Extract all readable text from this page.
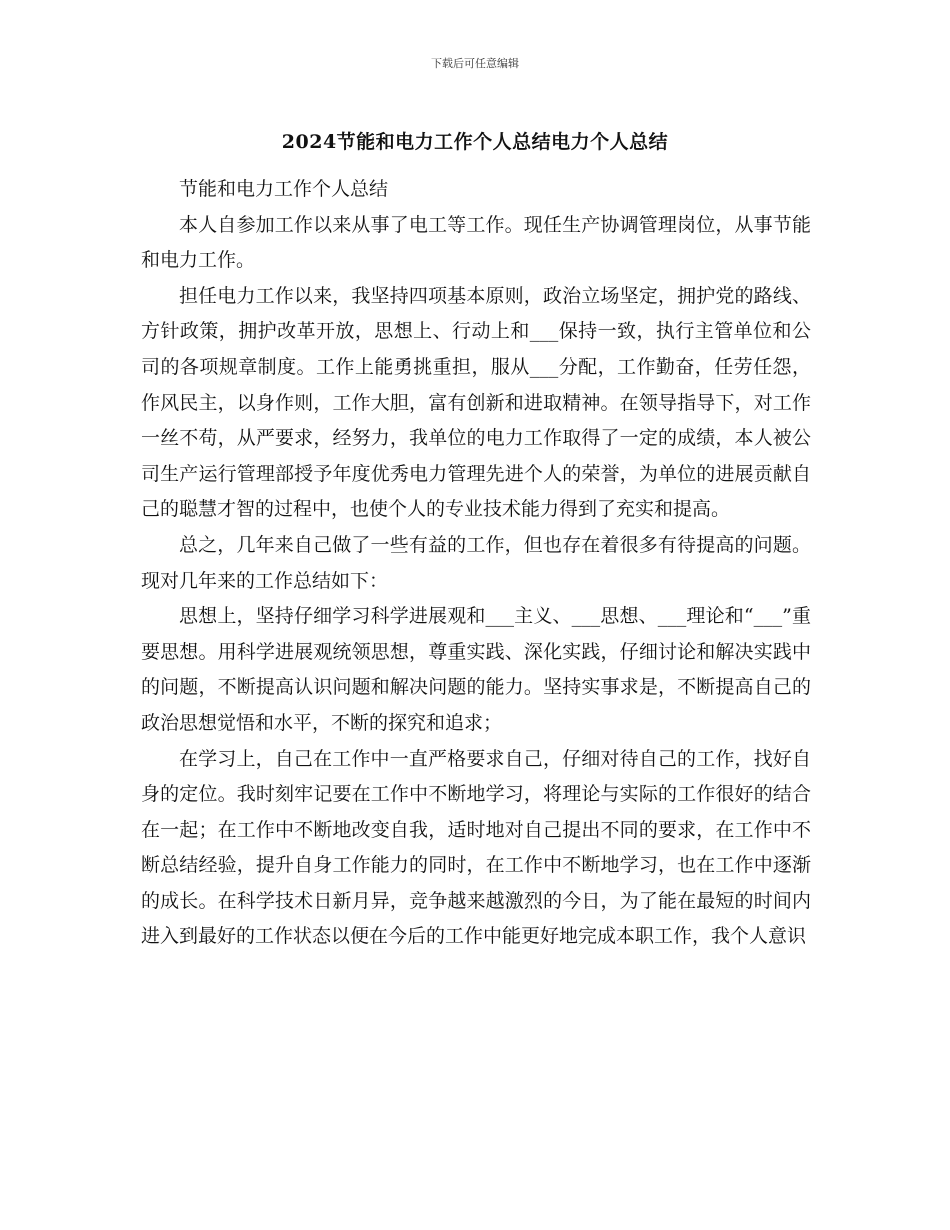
下载后可任意编辑
2024节能和电力工作个人总结电力个人总结

节能和电力工作个人总结

本人自参加工作以来从事了电工等工作。现任生产协调管理岗位，从事节能和电力工作。

担任电力工作以来，我坚持四项基本原则，政治立场坚定，拥护党的路线、方针政策，拥护改革开放，思想上、行动上和___保持一致，执行主管单位和公司的各项规章制度。工作上能勇挑重担，服从___分配，工作勤奋，任劳任怨，作风民主，以身作则，工作大胆，富有创新和进取精神。在领导指导下，对工作一丝不苟，从严要求，经努力，我单位的电力工作取得了一定的成绩，本人被公司生产运行管理部授予年度优秀电力管理先进个人的荣誉，为单位的进展贡献自己的聪慧才智的过程中，也使个人的专业技术能力得到了充实和提高。

总之，几年来自己做了一些有益的工作，但也存在着很多有待提高的问题。现对几年来的工作总结如下：

思想上，坚持仔细学习科学进展观和___主义、___思想、___理论和“___”重要思想。用科学进展观统领思想，尊重实践、深化实践，仔细讨论和解决实践中的问题，不断提高认识问题和解决问题的能力。坚持实事求是，不断提高自己的政治思想觉悟和水平，不断的探究和追求；

在学习上，自己在工作中一直严格要求自己，仔细对待自己的工作，找好自身的定位。我时刻牢记要在工作中不断地学习，将理论与实际的工作很好的结合在一起；在工作中不断地改变自我，适时地对自己提出不同的要求，在工作中不断总结经验，提升自身工作能力的同时，在工作中不断地学习，也在工作中逐渐的成长。在科学技术日新月异，竞争越来越激烈的今日，为了能在最短的时间内进入到最好的工作状态以便在今后的工作中能更好地完成本职工作，我个人意识
